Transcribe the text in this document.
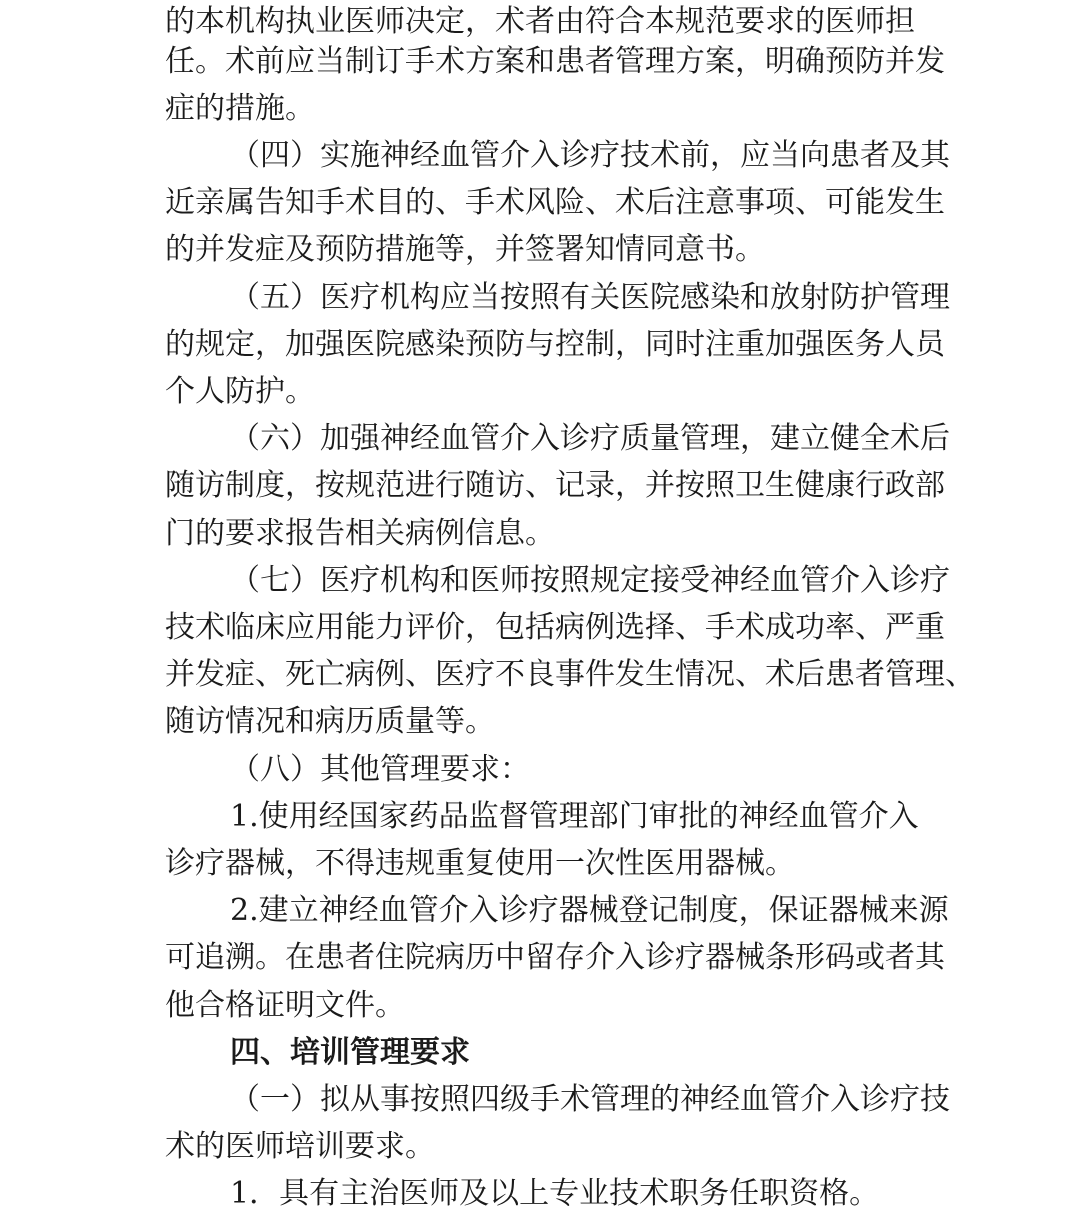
的本机构执业医师决定，术者由符合本规范要求的医师担
任。术前应当制订手术方案和患者管理方案，明确预防并发
症的措施。
（四）实施神经血管介入诊疗技术前，应当向患者及其
近亲属告知手术目的、手术风险、术后注意事项、可能发生
的并发症及预防措施等，并签署知情同意书。
（五）医疗机构应当按照有关医院感染和放射防护管理
的规定，加强医院感染预防与控制，同时注重加强医务人员
个人防护。
（六）加强神经血管介入诊疗质量管理，建立健全术后
随访制度，按规范进行随访、记录，并按照卫生健康行政部
门的要求报告相关病例信息。
（七）医疗机构和医师按照规定接受神经血管介入诊疗
技术临床应用能力评价，包括病例选择、手术成功率、严重
并发症、死亡病例、医疗不良事件发生情况、术后患者管理、
随访情况和病历质量等。
（八）其他管理要求：
1.使用经国家药品监督管理部门审批的神经血管介入
诊疗器械，不得违规重复使用一次性医用器械。
2.建立神经血管介入诊疗器械登记制度，保证器械来源
可追溯。在患者住院病历中留存介入诊疗器械条形码或者其
他合格证明文件。
四、培训管理要求
（一）拟从事按照四级手术管理的神经血管介入诊疗技
术的医师培训要求。
1．具有主治医师及以上专业技术职务任职资格。
